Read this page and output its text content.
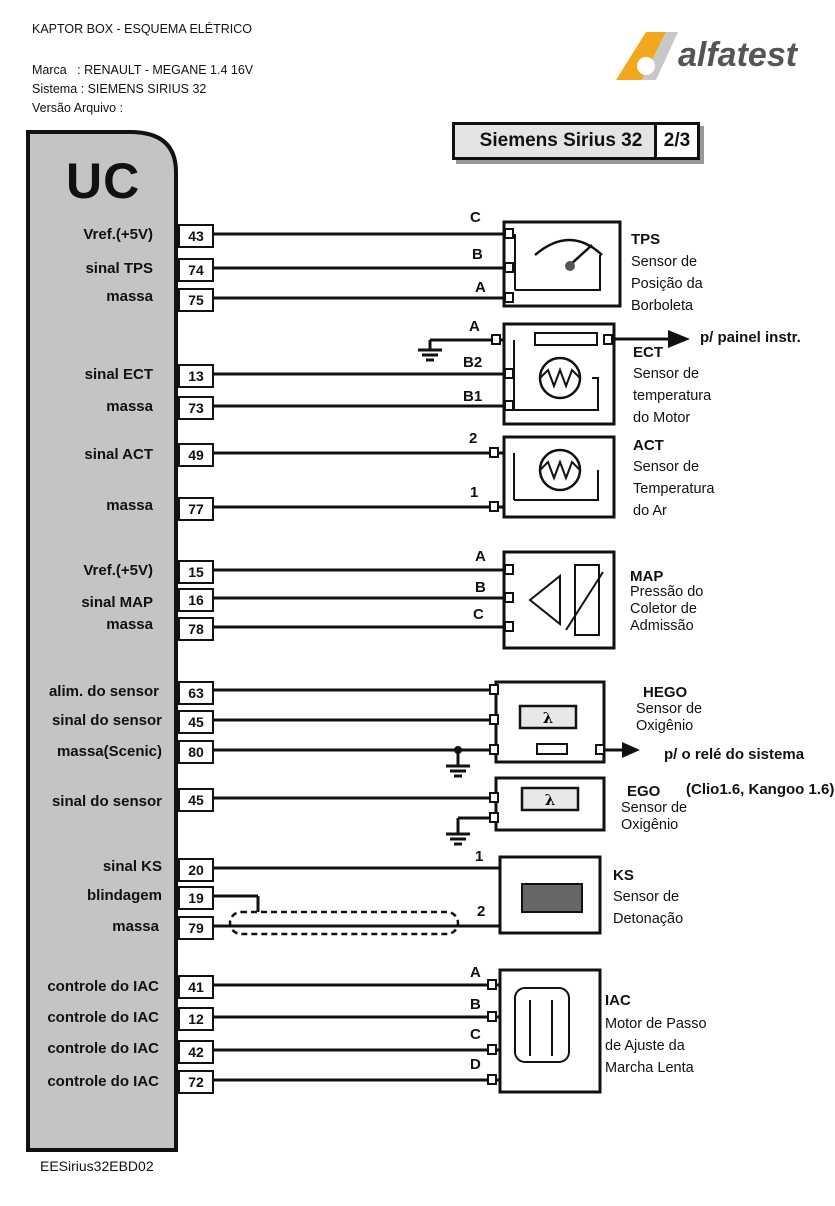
KAPTOR BOX - ESQUEMA ELÉTRICO
Marca   : RENAULT - MEGANE 1.4 16V
Sistema : SIEMENS SIRIUS 32
Versão Arquivo :
alfatest
Siemens Sirius 32	2/3
λ
λ
UC
Vref.(+5V)	43
sinal TPS	74
massa	75
sinal ECT	13
massa	73
sinal ACT	49
massa	77
Vref.(+5V)	15
sinal MAP	16
massa	78
alim. do sensor	63
sinal do sensor	45
massa(Scenic)	80
sinal do sensor	45
sinal KS	20
blindagem	19
massa	79
controle do IAC	41
controle do IAC	12
controle do IAC	42
controle do IAC	72
C
B
A
A
B2
B1
2
1
A
B
C
1
2
A
B
C
D
TPS
Sensor de
Posição da
Borboleta
ECT
Sensor de
temperatura
do Motor
ACT
Sensor de
Temperatura
do Ar
MAP
Pressão do
Coletor de
Admissão
HEGO
Sensor de
Oxigênio
EGO
Sensor de
Oxigênio
KS
Sensor de
Detonação
IAC
Motor de Passo
de Ajuste da
Marcha Lenta
p/ painel instr.
p/ o relé do sistema
(Clio1.6, Kangoo 1.6)
EESirius32EBD02
